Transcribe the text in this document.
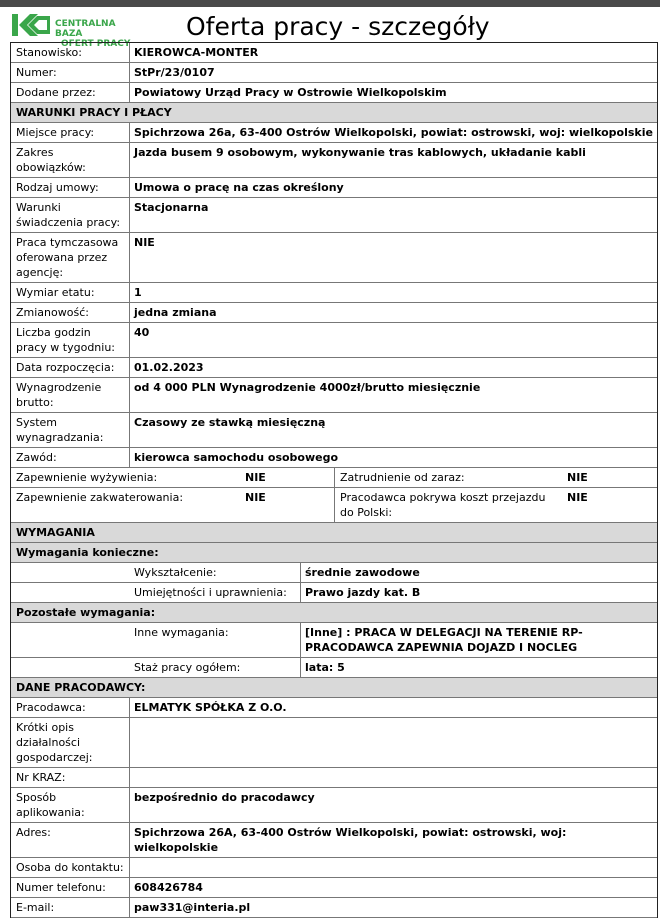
CENTRALNA BAZA
OFERT PRACY
Oferta pracy - szczegóły
Stanowisko:	KIEROWCA-MONTER
Numer:	StPr/23/0107
Dodane przez:	Powiatowy Urząd Pracy w Ostrowie Wielkopolskim
WARUNKI PRACY I PŁACY
Miejsce pracy:	Spichrzowa 26a, 63-400 Ostrów Wielkopolski, powiat: ostrowski, woj: wielkopolskie
Zakres obowiązków:
Jazda busem 9 osobowym, wykonywanie tras kablowych, układanie kabli
Rodzaj umowy:	Umowa o pracę na czas określony
Warunki świadczenia pracy:
Stacjonarna
Praca tymczasowa oferowana przez agencję:
NIE
Wymiar etatu:	1
Zmianowość:	jedna zmiana
Liczba godzin pracy w tygodniu:
40
Data rozpoczęcia:	01.02.2023
Wynagrodzenie brutto:
od 4 000 PLN Wynagrodzenie 4000zł/brutto miesięcznie
System wynagradzania:
Czasowy ze stawką miesięczną
Zawód:	kierowca samochodu osobowego
Zapewnienie wyżywienia:	NIE	Zatrudnienie od zaraz:	NIE
Zapewnienie zakwaterowania:	NIE	Pracodawca pokrywa koszt przejazdu do Polski:
NIE
WYMAGANIA
Wymagania konieczne:
Wykształcenie:	średnie zawodowe
Umiejętności i uprawnienia:	Prawo jazdy kat. B
Pozostałe wymagania:
Inne wymagania:	[Inne] : PRACA W DELEGACJI NA TERENIE RP- PRACODAWCA ZAPEWNIA DOJAZD I NOCLEG
Staż pracy ogółem:	lata: 5
DANE PRACODAWCY:
Pracodawca:	ELMATYK SPÓŁKA Z O.O.
Krótki opis działalności gospodarczej:
Nr KRAZ:
Sposób aplikowania:
bezpośrednio do pracodawcy
Adres:	Spichrzowa 26A, 63-400 Ostrów Wielkopolski, powiat: ostrowski, woj: wielkopolskie
Osoba do kontaktu:
Numer telefonu:	608426784
E-mail:	paw331@interia.pl
